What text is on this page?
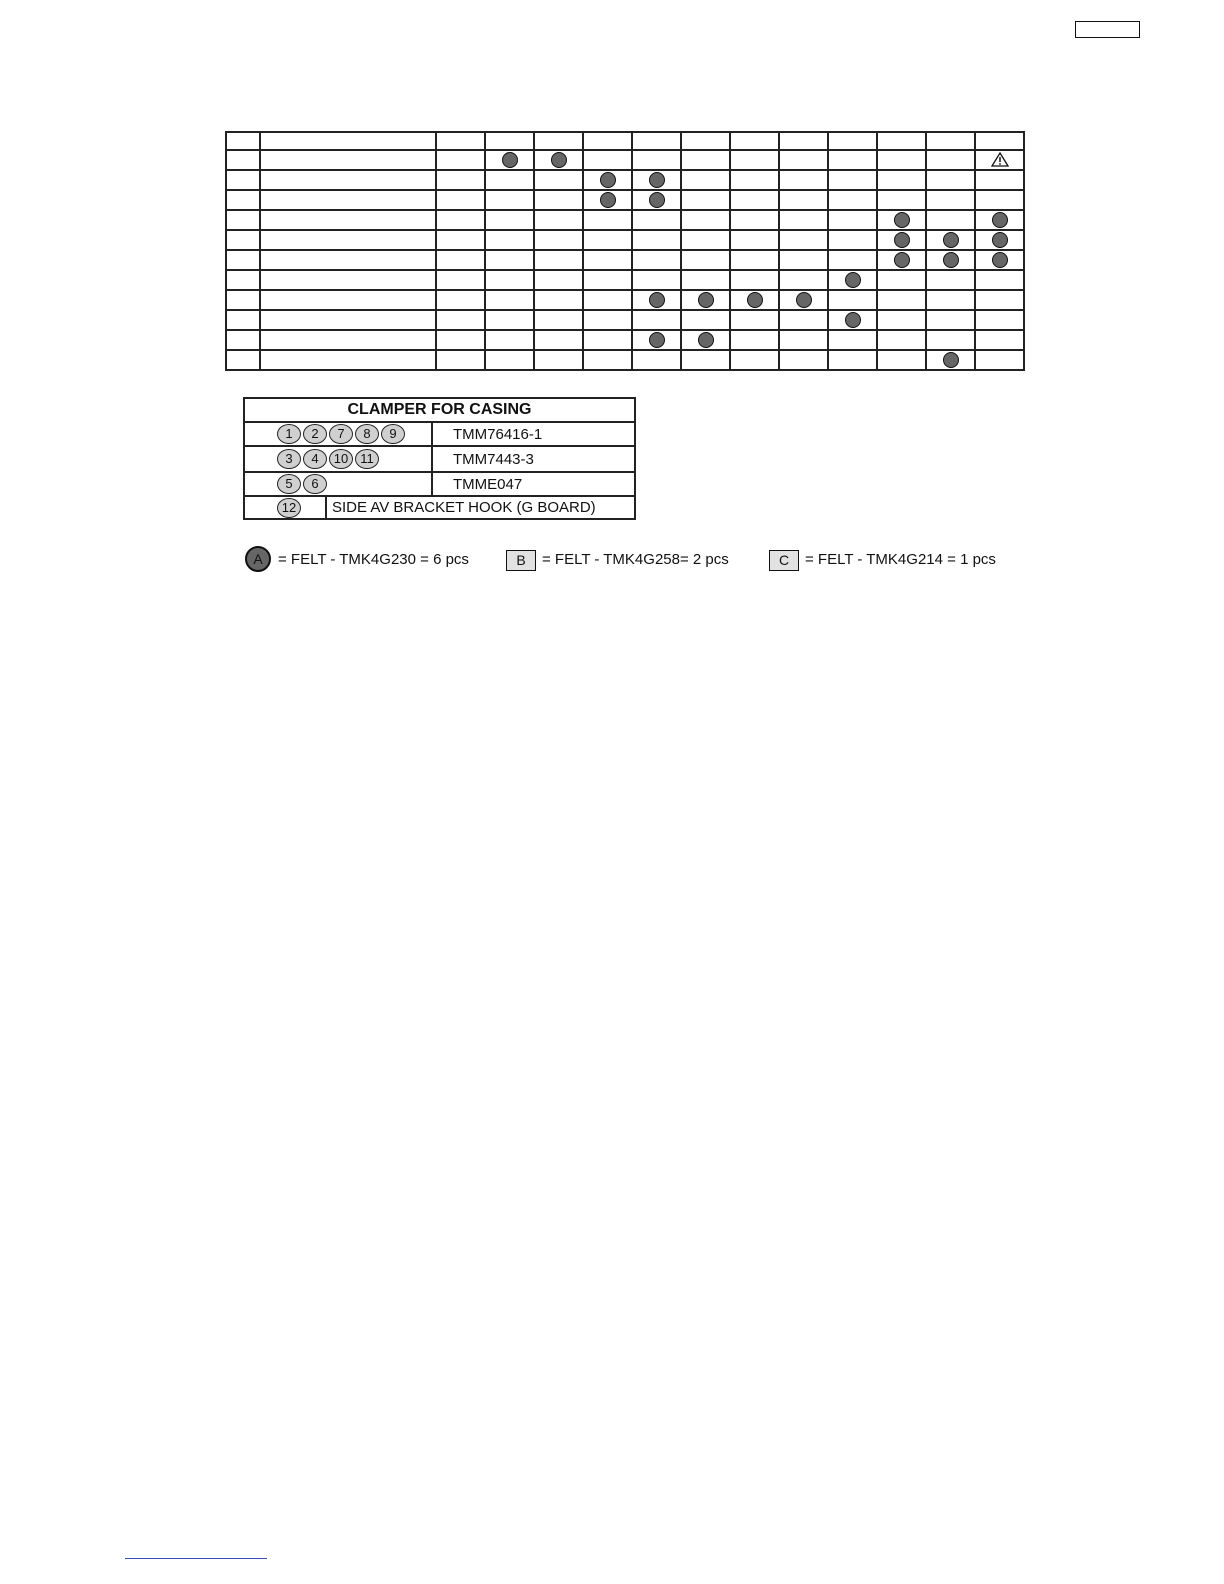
CLAMPER FOR CASING		
1 2 7 8 9		TMM76416-1
3 4 10 11		TMM7443-3
5 6		TMME047
12	SIDE AV BRACKET HOOK (G BOARD)	
A	= FELT - TMK4G230 = 6 pcs	B	= FELT - TMK4G258= 2 pcs	C	= FELT - TMK4G214 = 1 pcs
